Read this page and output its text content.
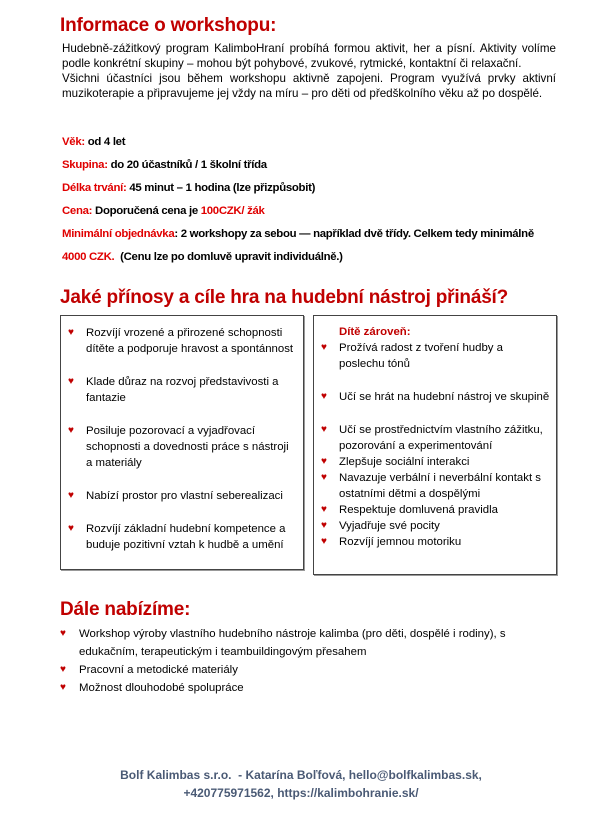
Informace o workshopu:

Hudebně-zážitkový program KalimboHraní probíhá formou aktivit, her a písní. Aktivity volíme podle konkrétní skupiny – mohou být pohybové, zvukové, rytmické, kontaktní či relaxační.

Všichni účastníci jsou během workshopu aktivně zapojeni. Program využívá prvky aktivní muzikoterapie a připravujeme jej vždy na míru – pro děti od předškolního věku až po dospělé.

Věk: od 4 let
Skupina: do 20 účastníků / 1 školní třída
Délka trvání: 45 minut – 1 hodina (lze přizpůsobit)
Cena: Doporučená cena je 100CZK/ žák
Minimální objednávka: 2 workshopy za sebou — například dvě třídy. Celkem tedy minimálně
4000 CZK.  (Cenu lze po domluvě upravit individuálně.)
Jaké přínosy a cíle hra na hudební nástroj přináší?
♥ Rozvíjí vrozené a přirozené schopnosti dítěte a podporuje hravost a spontánnost
♥ Klade důraz na rozvoj představivosti a fantazie
♥ Posiluje pozorovací a vyjadřovací schopnosti a dovednosti práce s nástroji a materiály
♥ Nabízí prostor pro vlastní seberealizaci
♥ Rozvíjí základní hudební kompetence a buduje pozitivní vztah k hudbě a umění
Dítě zároveň:
♥ Prožívá radost z tvoření hudby a poslechu tónů
♥ Učí se hrát na hudební nástroj ve skupině
♥ Učí se prostřednictvím vlastního zážitku, pozorování a experimentování
♥ Zlepšuje sociální interakci
♥ Navazuje verbální i neverbální kontakt s ostatními dětmi a dospělými
♥ Respektuje domluvená pravidla
♥ Vyjadřuje své pocity
♥ Rozvíjí jemnou motoriku
Dále nabízíme:
♥ Workshop výroby vlastního hudebního nástroje kalimba (pro děti, dospělé i rodiny), s edukačním, terapeutickým i teambuildingovým přesahem
♥ Pracovní a metodické materiály
♥ Možnost dlouhodobé spolupráce
Bolf Kalimbas s.r.o.  - Katarína Boľfová, hello@bolfkalimbas.sk,
+420775971562, https://kalimbohranie.sk/
